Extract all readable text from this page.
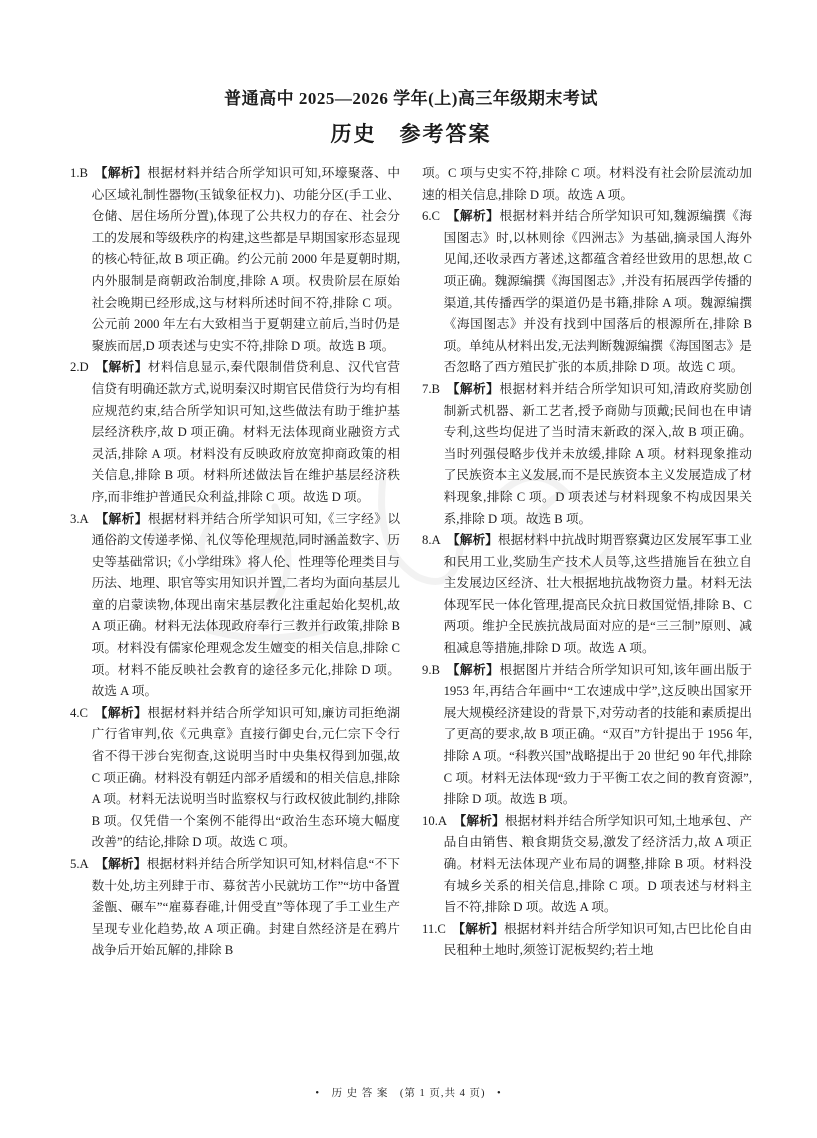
普通高中 2025—2026 学年(上)高三年级期末考试
历史　参考答案
1.B 【解析】根据材料并结合所学知识可知,环壕聚落、中心区域礼制性器物(玉钺象征权力)、功能分区(手工业、仓储、居住场所分置),体现了公共权力的存在、社会分工的发展和等级秩序的构建,这些都是早期国家形态显现的核心特征,故 B 项正确。约公元前 2000 年是夏朝时期,内外服制是商朝政治制度,排除 A 项。权贵阶层在原始社会晚期已经形成,这与材料所述时间不符,排除 C 项。公元前 2000 年左右大致相当于夏朝建立前后,当时仍是聚族而居,D 项表述与史实不符,排除 D 项。故选 B 项。
2.D 【解析】材料信息显示,秦代限制借贷利息、汉代官营信贷有明确还款方式,说明秦汉时期官民借贷行为均有相应规范约束,结合所学知识可知,这些做法有助于维护基层经济秩序,故 D 项正确。材料无法体现商业融资方式灵活,排除 A 项。材料没有反映政府放宽抑商政策的相关信息,排除 B 项。材料所述做法旨在维护基层经济秩序,而非维护普通民众利益,排除 C 项。故选 D 项。
3.A 【解析】根据材料并结合所学知识可知,《三字经》以通俗韵文传递孝悌、礼仪等伦理规范,同时涵盖数字、历史等基础常识;《小学绀珠》将人伦、性理等伦理类目与历法、地理、职官等实用知识并置,二者均为面向基层儿童的启蒙读物,体现出南宋基层教化注重起始化契机,故 A 项正确。材料无法体现政府奉行三教并行政策,排除 B 项。材料没有儒家伦理观念发生嬗变的相关信息,排除 C 项。材料不能反映社会教育的途径多元化,排除 D 项。故选 A 项。
4.C 【解析】根据材料并结合所学知识可知,廉访司拒绝湖广行省审判,依《元典章》直接行御史台,元仁宗下令行省不得干涉台宪彻查,这说明当时中央集权得到加强,故 C 项正确。材料没有朝廷内部矛盾缓和的相关信息,排除 A 项。材料无法说明当时监察权与行政权彼此制约,排除 B 项。仅凭借一个案例不能得出“政治生态环境大幅度改善”的结论,排除 D 项。故选 C 项。
5.A 【解析】根据材料并结合所学知识可知,材料信息“不下数十处,坊主列肆于市、募贫苦小民就坊工作”“坊中备置釜甑、碾车”“雇募舂碓,计佣受直”等体现了手工业生产呈现专业化趋势,故 A 项正确。封建自然经济是在鸦片战争后开始瓦解的,排除 B
项。C 项与史实不符,排除 C 项。材料没有社会阶层流动加速的相关信息,排除 D 项。故选 A 项。
6.C 【解析】根据材料并结合所学知识可知,魏源编撰《海国图志》时,以林则徐《四洲志》为基础,摘录国人海外见闻,还收录西方著述,这都蕴含着经世致用的思想,故 C 项正确。魏源编撰《海国图志》,并没有拓展西学传播的渠道,其传播西学的渠道仍是书籍,排除 A 项。魏源编撰《海国图志》并没有找到中国落后的根源所在,排除 B 项。单纯从材料出发,无法判断魏源编撰《海国图志》是否忽略了西方殖民扩张的本质,排除 D 项。故选 C 项。
7.B 【解析】根据材料并结合所学知识可知,清政府奖励创制新式机器、新工艺者,授予商勋与顶戴;民间也在申请专利,这些均促进了当时清末新政的深入,故 B 项正确。当时列强侵略步伐并未放缓,排除 A 项。材料现象推动了民族资本主义发展,而不是民族资本主义发展造成了材料现象,排除 C 项。D 项表述与材料现象不构成因果关系,排除 D 项。故选 B 项。
8.A 【解析】根据材料中抗战时期晋察冀边区发展军事工业和民用工业,奖励生产技术人员等,这些措施旨在独立自主发展边区经济、壮大根据地抗战物资力量。材料无法体现军民一体化管理,提高民众抗日救国觉悟,排除 B、C 两项。维护全民族抗战局面对应的是“三三制”原则、减租减息等措施,排除 D 项。故选 A 项。
9.B 【解析】根据图片并结合所学知识可知,该年画出版于 1953 年,再结合年画中“工农速成中学”,这反映出国家开展大规模经济建设的背景下,对劳动者的技能和素质提出了更高的要求,故 B 项正确。“双百”方针提出于 1956 年,排除 A 项。“科教兴国”战略提出于 20 世纪 90 年代,排除 C 项。材料无法体现“致力于平衡工农之间的教育资源”,排除 D 项。故选 B 项。
10.A 【解析】根据材料并结合所学知识可知,土地承包、产品自由销售、粮食期货交易,激发了经济活力,故 A 项正确。材料无法体现产业布局的调整,排除 B 项。材料没有城乡关系的相关信息,排除 C 项。D 项表述与材料主旨不符,排除 D 项。故选 A 项。
11.C 【解析】根据材料并结合所学知识可知,古巴比伦自由民租种土地时,须签订泥板契约;若土地
•　历 史 答 案　(第 1 页,共 4 页)　•
